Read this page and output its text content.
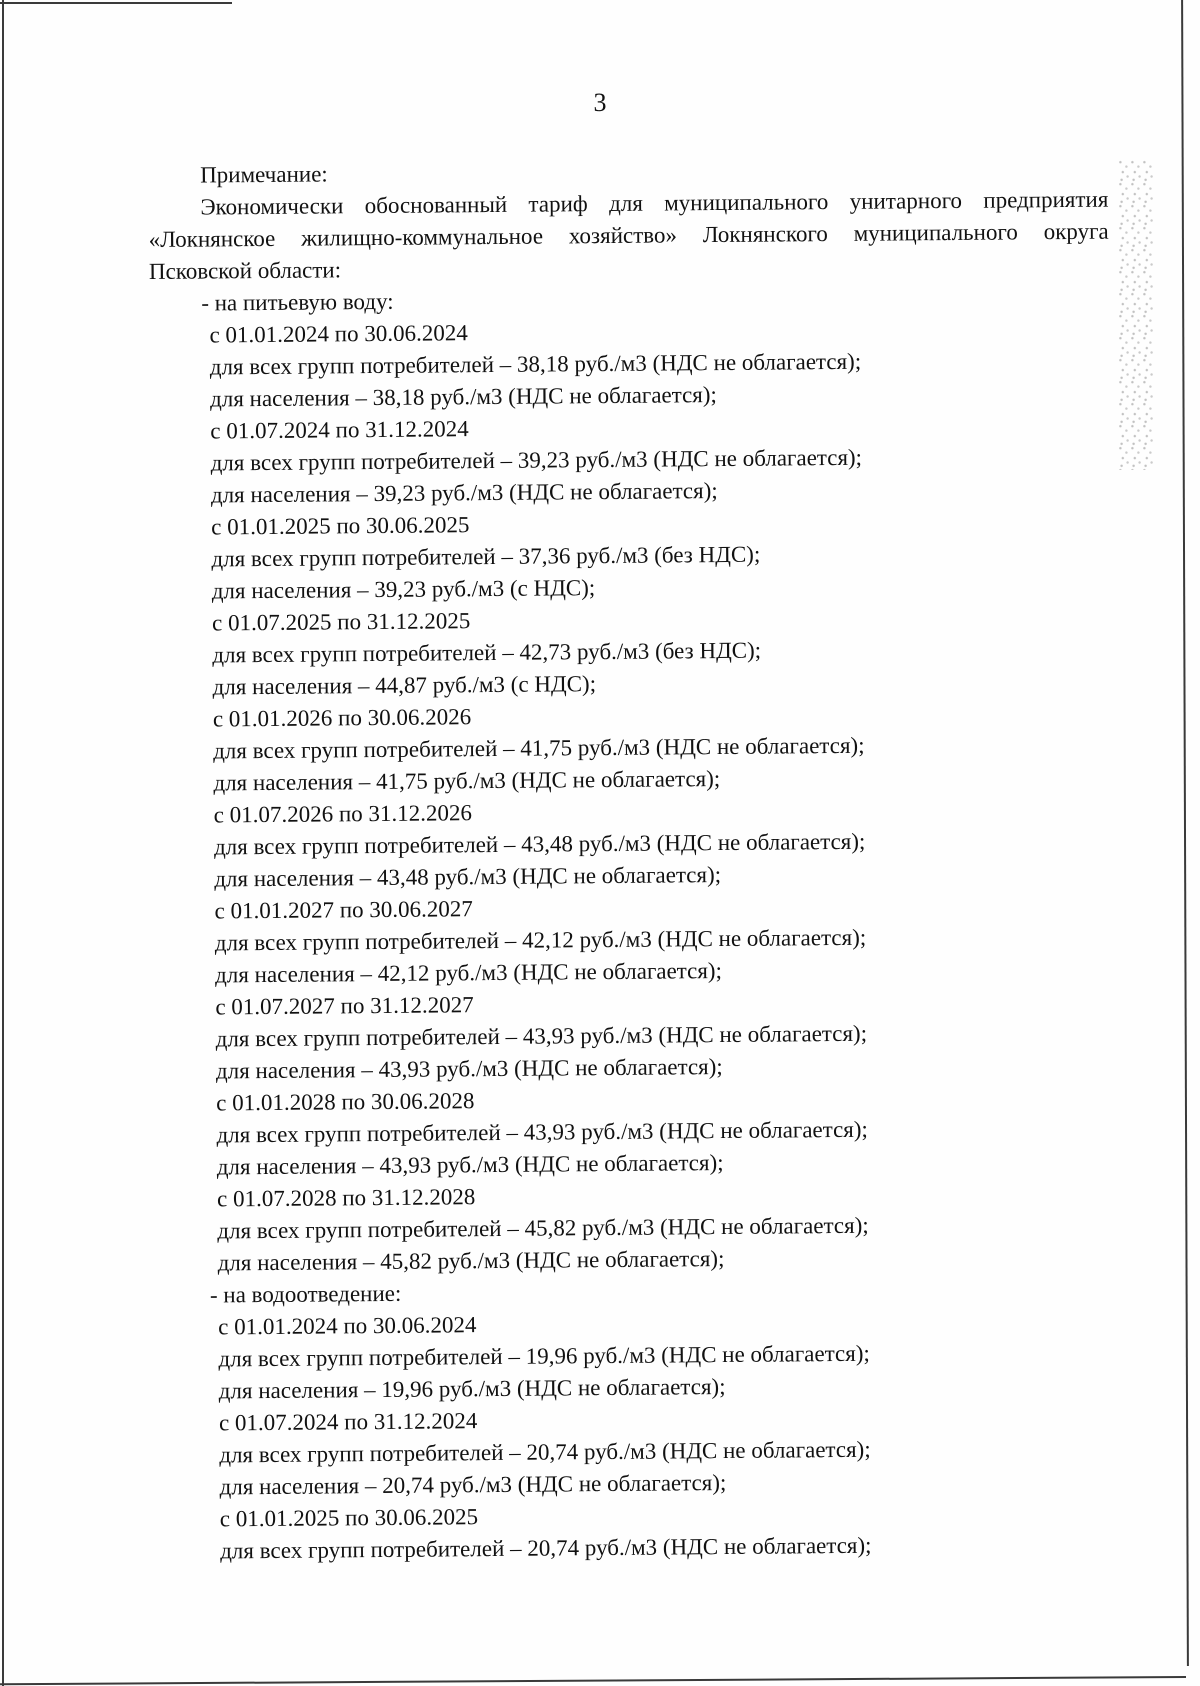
3
Примечание:
Экономически обоснованный тариф для муниципального унитарного предприятия
«Локнянское жилищно-коммунальное хозяйство» Локнянского муниципального округа
Псковской области:
- на питьевую воду:
с 01.01.2024 по 30.06.2024
для всех групп потребителей – 38,18 руб./м3 (НДС не облагается);
для населения – 38,18 руб./м3 (НДС не облагается);
с 01.07.2024 по 31.12.2024
для всех групп потребителей – 39,23 руб./м3 (НДС не облагается);
для населения – 39,23 руб./м3 (НДС не облагается);
с 01.01.2025 по 30.06.2025
для всех групп потребителей – 37,36 руб./м3 (без НДС);
для населения – 39,23 руб./м3 (с НДС);
с 01.07.2025 по 31.12.2025
для всех групп потребителей – 42,73 руб./м3 (без НДС);
для населения – 44,87 руб./м3 (с НДС);
с 01.01.2026 по 30.06.2026
для всех групп потребителей – 41,75 руб./м3 (НДС не облагается);
для населения – 41,75 руб./м3 (НДС не облагается);
с 01.07.2026 по 31.12.2026
для всех групп потребителей – 43,48 руб./м3 (НДС не облагается);
для населения – 43,48 руб./м3 (НДС не облагается);
с 01.01.2027 по 30.06.2027
для всех групп потребителей – 42,12 руб./м3 (НДС не облагается);
для населения – 42,12 руб./м3 (НДС не облагается);
с 01.07.2027 по 31.12.2027
для всех групп потребителей – 43,93 руб./м3 (НДС не облагается);
для населения – 43,93 руб./м3 (НДС не облагается);
с 01.01.2028 по 30.06.2028
для всех групп потребителей – 43,93 руб./м3 (НДС не облагается);
для населения – 43,93 руб./м3 (НДС не облагается);
с 01.07.2028 по 31.12.2028
для всех групп потребителей – 45,82 руб./м3 (НДС не облагается);
для населения – 45,82 руб./м3 (НДС не облагается);
- на водоотведение:
с 01.01.2024 по 30.06.2024
для всех групп потребителей – 19,96 руб./м3 (НДС не облагается);
для населения – 19,96 руб./м3 (НДС не облагается);
с 01.07.2024 по 31.12.2024
для всех групп потребителей – 20,74 руб./м3 (НДС не облагается);
для населения – 20,74 руб./м3 (НДС не облагается);
с 01.01.2025 по 30.06.2025
для всех групп потребителей – 20,74 руб./м3 (НДС не облагается);
